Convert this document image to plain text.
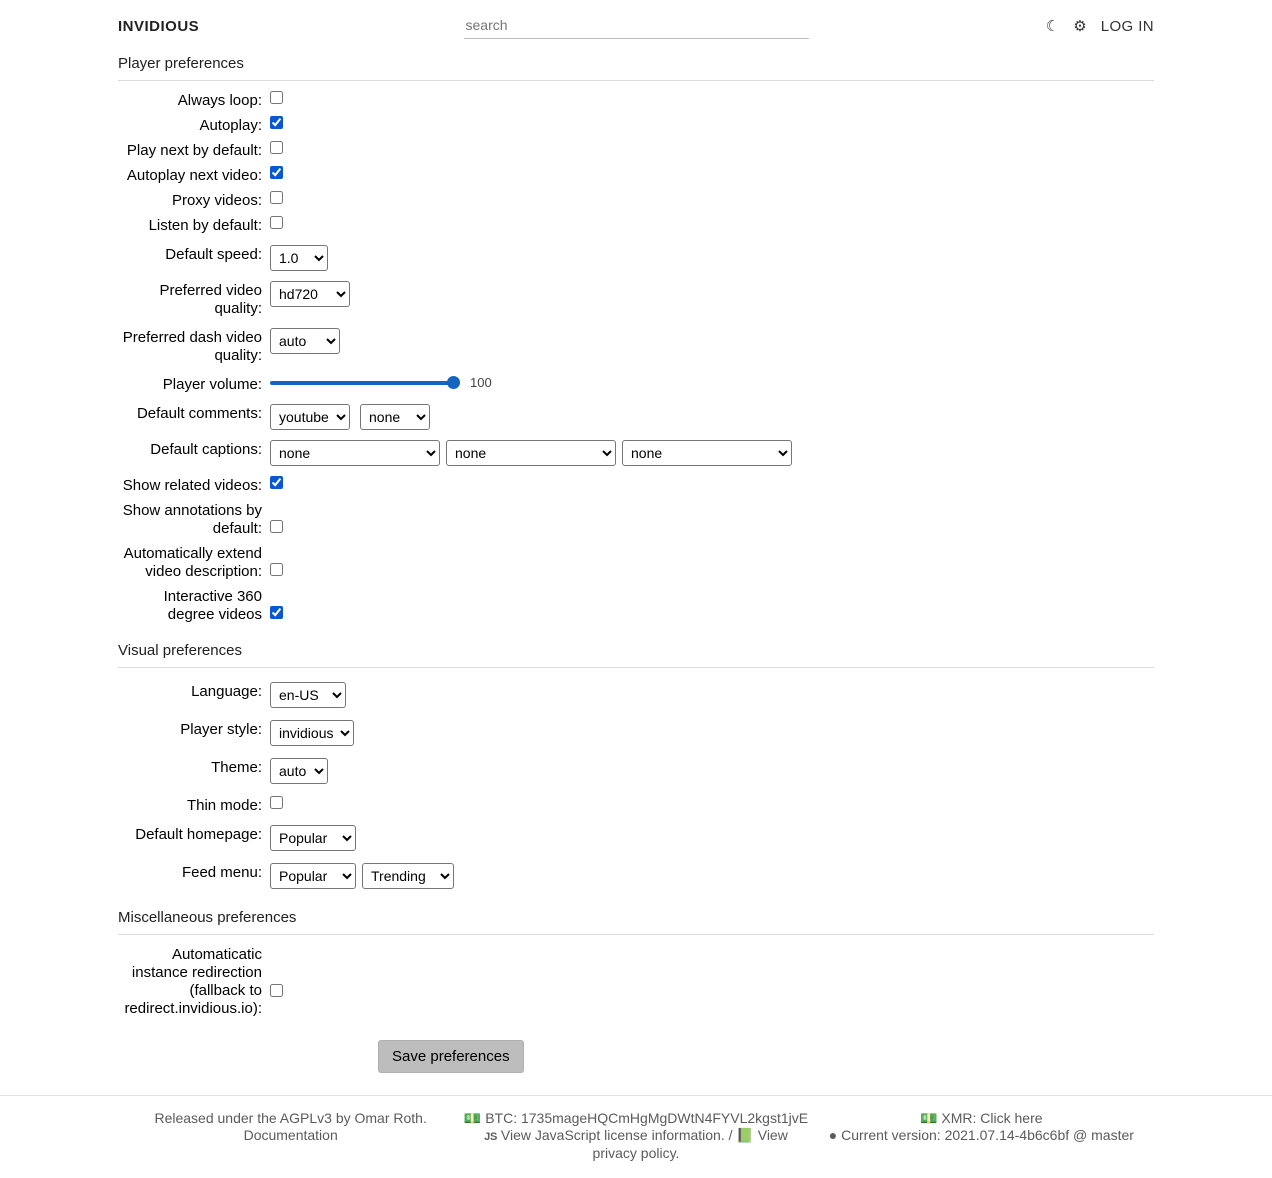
INVIDIOUS
search	☾ ⚙ LOG IN
Player preferences
Always loop:
Autoplay:
Play next by default:
Autoplay next video:
Proxy videos:
Listen by default:
Default speed:
1.0
Preferred video quality:
hd720
Preferred dash video quality:
auto
Player volume:	100
Default comments:
youtube
none
Default captions:
none
none
none
Show related videos:
Show annotations by default:
Automatically extend video description:
Interactive 360 degree videos
Visual preferences
Language:
en-US
Player style:
invidious
Theme:
auto
Thin mode:
Default homepage:
Popular
Feed menu:
Popular
Trending
Miscellaneous preferences
Automaticatic instance redirection (fallback to redirect.invidious.io):
Save preferences
Released under the AGPLv3 by Omar Roth.
Documentation
💵 BTC: 1735mageHQCmHgMgDWtN4FYVL2kgst1jvE
JS View JavaScript license information. / 📗 View privacy policy.
💵 XMR: Click here
● Current version: 2021.07.14-4b6c6bf @ master
